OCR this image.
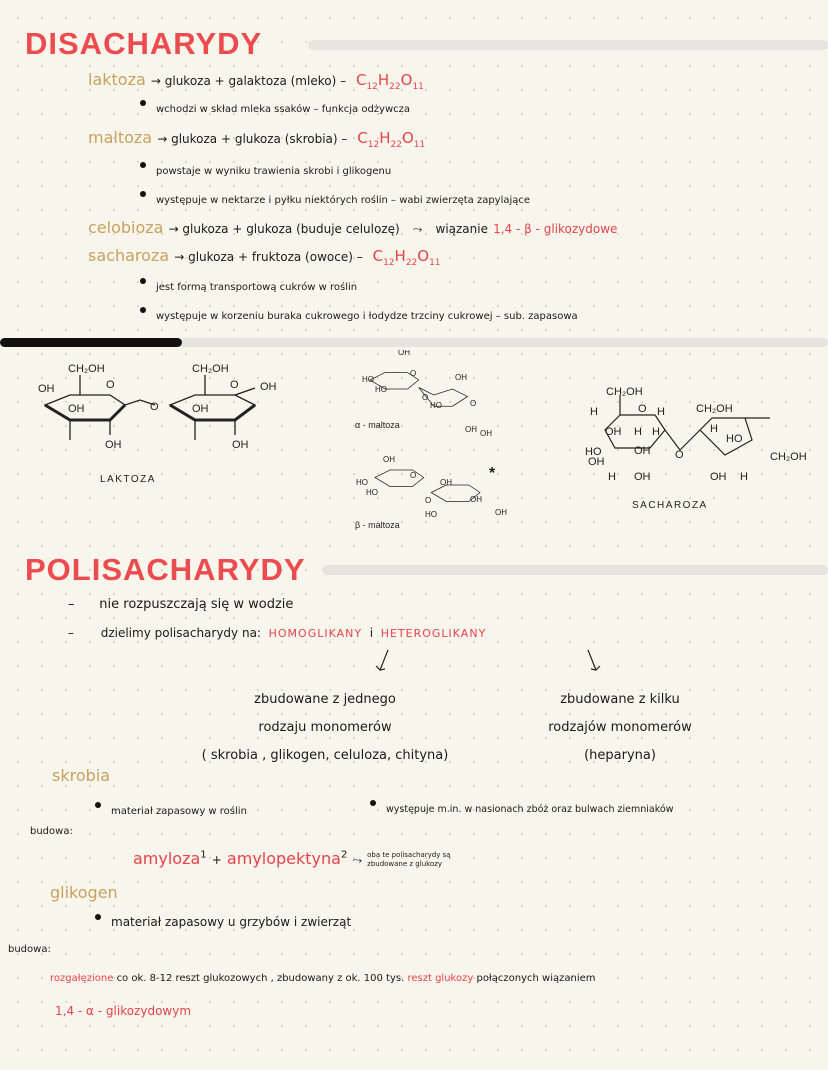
DISACHARYDY
laktoza → glukoza + galaktoza (mleko) – $C_{12}H_{22}O_{11}$
wchodzi w skład mleka ssaków – funkcja odżywcza
maltoza → glukoza + glukoza (skrobia) – $C_{12}H_{22}O_{11}$
powstaje w wyniku trawienia skrobi i glikogenu
występuje w nektarze i pyłku niektórych roślin – wabi zwierzęta zapylające
celobioza → glukoza + glukoza (buduje celulozę) ⤳ wiązanie 1,4 - β - glikozydowe
sacharoza → glukoza + fruktoza (owoce) – $C_{12}H_{22}O_{11}$
jest formą transportową cukrów w roślin
występuje w korzeniu buraka cukrowego i łodydze trzciny cukrowej – sub. zapasowa
CH₂OH	CH₂OH
OH
OH
OH
OH
OH
OH
O
O
O
LAKTOZA
OH
HO
HO
OH
HO
OH
O
O
O
OH
α - maltoza
OH
HO
HO
OH
O	OH
HO	OH
O
β - maltoza
*
CH₂OH
CH₂OH
H	H
OH H H
HO
OH
OH
H OH
O
O
H
HO
CH₂OH
OH H
SACHAROZA
POLISACHARYDY
–      nie rozpuszczają się w wodzie
–       dzielimy polisacharydy na: HOMOGLIKANY i HETEROGLIKANY
zbudowane z jednego
rodzaju monomerów
( skrobia , glikogen, celuloza, chityna)
zbudowane z kilku
rodzajów monomerów
(heparyna)
skrobia
materiał zapasowy w roślin	występuje m.in. w nasionach zbóż oraz bulwach ziemniaków
budowa:
amyloza$^1$ + amylopektyna$^2$ ⤳ oba te polisacharydy są
zbudowane z glukozy
glikogen
materiał zapasowy u grzybów i zwierząt
budowa:
rozgałęzione co ok. 8-12 reszt glukozowych , zbudowany z ok. 100 tys. reszt glukozy połączonych wiązaniem
1,4 - α - glikozydowym
